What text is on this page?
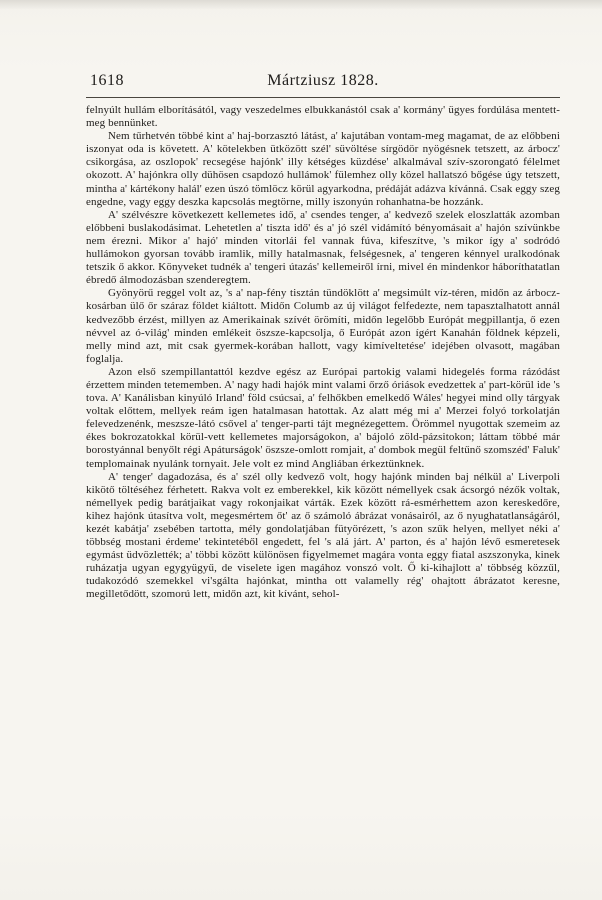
1618	Mártziusz 1828.

felnyúlt hullám elborításától, vagy veszedelmes elbukkanástól csak a' kormány' ügyes fordúlása mentett-meg bennünket.

Nem tűrhetvén többé kint a' haj-borzasztó látást, a' kajutában vontam-meg magamat, de az előbbeni iszonyat oda is követett. A' kötelekben ütközött szél' süvöltése sírgödör nyögésnek tetszett, az árbocz' csikorgása, az oszlopok' recsegése hajónk' illy kétséges küzdése' alkalmával szív-szorongató félelmet okozott. A' hajónkra olly dühösen csapdozó hullámok' fülemhez olly közel hallatszó bőgése úgy tetszett, mintha a' kártékony halál' ezen úszó tömlöcz körül agyarkodna, prédáját adázva kívánná. Csak eggy szeg engedne, vagy eggy deszka kapcsolás megtörne, milly iszonyún rohanhatna-be hozzánk.

A' szélvészre következett kellemetes idő, a' csendes tenger, a' kedvező szelek eloszlatták azomban előbbeni buslakodásimat. Lehetetlen a' tiszta idő' és a' jó szél vidámító bényomásait a' hajón szívünkbe nem érezni. Mikor a' hajó' minden vitorlái fel vannak fúva, kifeszítve, 's mikor így a' sodródó hullámokon gyorsan tovább iramlik, milly hatalmasnak, felségesnek, a' tengeren kénnyel uralkodónak tetszik ő akkor. Könyveket tudnék a' tengeri útazás' kellemeiről írni, mivel én mindenkor háboríthatatlan ébredő álmodozásban szenderegtem.

Gyönyörű reggel volt az, 's a' nap-fény tisztán tündöklött a' megsimúlt víz-téren, midőn az árbocz-kosárban ülő őr száraz földet kiáltott. Midőn Columb az új világot felfedezte, nem tapasztalhatott annál kedvezőbb érzést, millyen az Amerikainak szívét örömíti, midőn legelőbb Európát megpillantja, ő ezen névvel az ó-világ' minden emlékeit öszsze-kapcsolja, ő Európát azon ígért Kanahán földnek képzeli, melly mind azt, mit csak gyermek-korában hallott, vagy kimíveltetése' idejében olvasott, magában foglalja.

Azon első szempillantattól kezdve egész az Európai partokig valami hidegelés forma rázódást érzettem minden tetememben. A' nagy hadi hajók mint valami őrző óriások evedzettek a' part-körül ide 's tova. A' Kanálisban kinyúló Irland' föld csúcsai, a' felhőkben emelkedő Wáles' hegyei mind olly tárgyak voltak előttem, mellyek reám igen hatalmasan hatottak. Az alatt még mi a' Merzei folyó torkolatján felevedzenénk, meszsze-látó csővel a' tenger-parti tájt megnézegettem. Örömmel nyugottak szemeim az ékes bokrozatokkal körül-vett kellemetes majorságokon, a' bájoló zöld-pázsitokon; láttam többé már borostyánnal benyőlt régi Apáturságok' öszsze-omlott romjait, a' dombok megül feltűnő szomszéd' Faluk' templomainak nyulánk tornyait. Jele volt ez mind Angliában érkeztünknek.

A' tenger' dagadozása, és a' szél olly kedvező volt, hogy hajónk minden baj nélkül a' Liverpoli kikötő töltéséhez férhetett. Rakva volt ez emberekkel, kik között némellyek csak ácsorgó nézők voltak, némellyek pedig barátjaikat vagy rokonjaikat várták. Ezek között rá-esmérhettem azon kereskedőre, kihez hajónk útasítva volt, megesmértem őt' az ő számoló ábrázat vonásairól, az ő nyughatatlanságáról, kezét kabátja' zsebében tartotta, mély gondolatjában fütyörézett, 's azon szűk helyen, mellyet néki a' többség mostani érdeme' tekintetéből engedett, fel 's alá járt. A' parton, és a' hajón lévő esmeretesek egymást üdvözlették; a' többi között különösen figyelmemet magára vonta eggy fiatal aszszonyka, kinek ruházatja ugyan egygyügyű, de viselete igen magához vonszó volt. Ő ki-kihajlott a' többség közzűl, tudakozódó szemekkel vi'sgálta hajónkat, mintha ott valamelly rég' ohajtott ábrázatot keresne, megilletődött, szomorú lett, midőn azt, kit kívánt, sehol-
